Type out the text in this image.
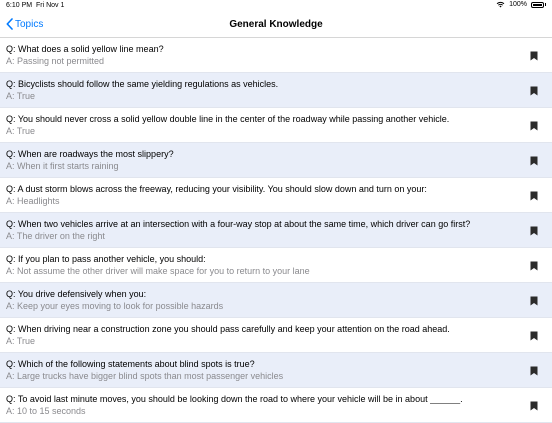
6:10 PM Fri Nov 1	100%
Topics	General Knowledge
Q: What does a solid yellow line mean?
A: Passing not permitted
Q: Bicyclists should follow the same yielding regulations as vehicles.
A: True
Q: You should never cross a solid yellow double line in the center of the roadway while passing another vehicle.
A: True
Q: When are roadways the most slippery?
A: When it first starts raining
Q: A dust storm blows across the freeway, reducing your visibility. You should slow down and turn on your:
A: Headlights
Q: When two vehicles arrive at an intersection with a four-way stop at about the same time, which driver can go first?
A: The driver on the right
Q: If you plan to pass another vehicle, you should:
A: Not assume the other driver will make space for you to return to your lane
Q: You drive defensively when you:
A: Keep your eyes moving to look for possible hazards
Q: When driving near a construction zone you should pass carefully and keep your attention on the road ahead.
A: True
Q: Which of the following statements about blind spots is true?
A: Large trucks have bigger blind spots than most passenger vehicles
Q: To avoid last minute moves, you should be looking down the road to where your vehicle will be in about ______.
A: 10 to 15 seconds
